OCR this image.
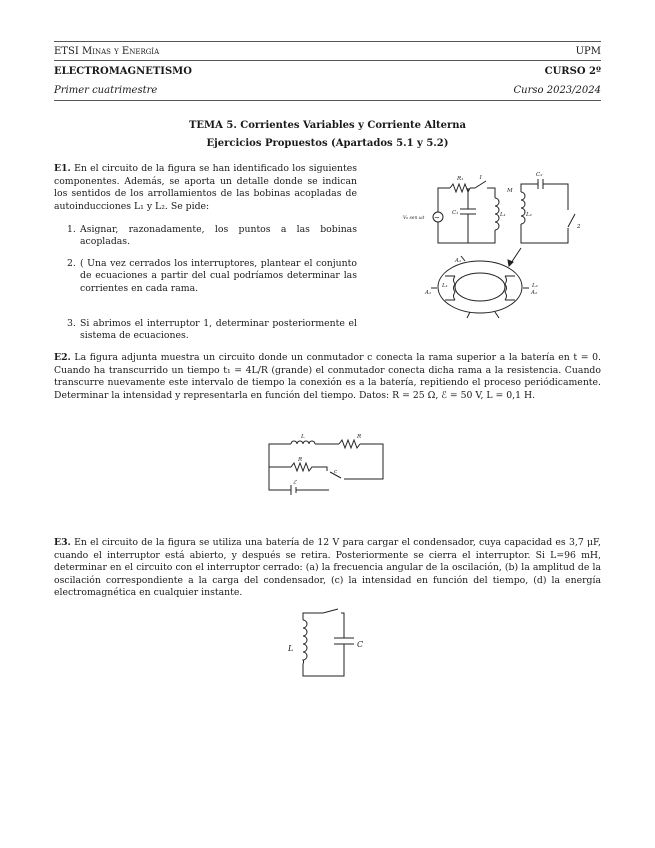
ETSI Minas y Energía	UPM
ELECTROMAGNETISMO	CURSO 2º
Primer cuatrimestre	Curso 2023/2024
TEMA 5. Corrientes Variables y Corriente Alterna
Ejercicios Propuestos (Apartados 5.1 y 5.2)
E1. En el circuito de la figura se han identificado los siguientes componentes. Además, se aporta un detalle donde se indican los sentidos de los arrollamientos de las bobinas acopladas de autoinducciones L₁ y L₂. Se pide:
1. Asignar, razonadamente, los puntos a las bobinas acopladas.
2. ( Una vez cerrados los interruptores, plantear el conjunto de ecuaciones a partir del cual podríamos determinar las corrientes en cada rama.
3. Si abrimos el interruptor 1, determinar posteriormente el sistema de ecuaciones.
R₁	1	C₂
M
V₀ sen ωt
C₁	L₁	L₂
2
A₁
L₁	L₂
A₁	A₂
~
E2. La figura adjunta muestra un circuito donde un conmutador c conecta la rama superior a la batería en t = 0. Cuando ha transcurrido un tiempo t₁ = 4L/R (grande) el conmutador conecta dicha rama a la resistencia. Cuando transcurre nuevamente este intervalo de tiempo la conexión es a la batería, repitiendo el proceso periódicamente. Determinar la intensidad y representarla en función del tiempo. Datos: R = 25 Ω, ℰ = 50 V, L = 0,1 H.
L	R
R
c
ℰ
E3. En el circuito de la figura se utiliza una batería de 12 V para cargar el condensador, cuya capacidad es 3,7 μF, cuando el interruptor está abierto, y después se retira. Posteriormente se cierra el interruptor. Si L=96 mH, determinar en el circuito con el interruptor cerrado: (a) la frecuencia angular de la oscilación, (b) la amplitud de la oscilación correspondiente a la carga del condensador, (c) la intensidad en función del tiempo, (d) la energía electromagnética en cualquier instante.
L	C
